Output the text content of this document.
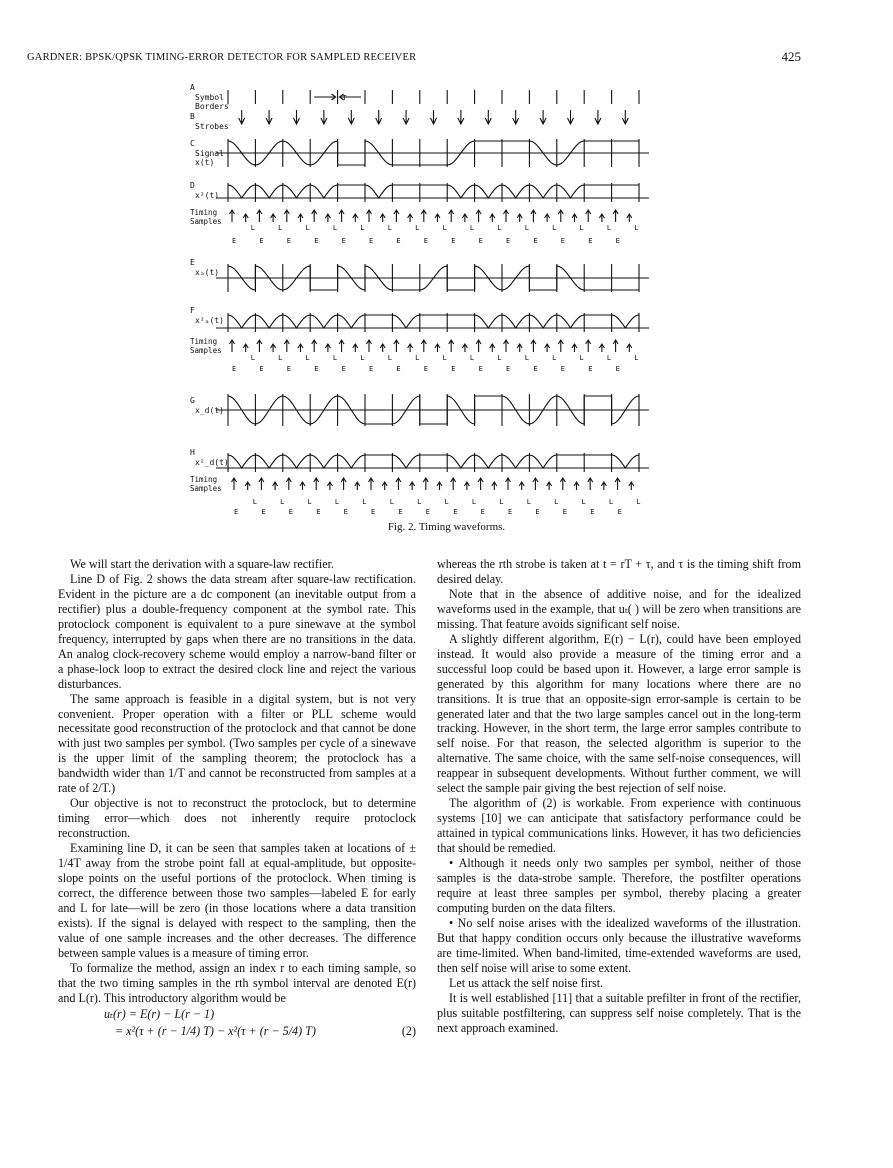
GARDNER: BPSK/QPSK TIMING-ERROR DETECTOR FOR SAMPLED RECEIVER	425
A
Symbol
Borders
B
Strobes
C
Signal
x(t)
D
x²(t)
E
xₐ(t)
F
x²ₐ(t)
G
x_d(t)
H
x²_d(t)
T
Timing
Samples
E
L
E
L
E
L
E
L
E
L
E
L
E
L
E
L
E
L
E
L
E
L
E
L
E
L
E
L
E
L
Timing
Samples
E
L
E
L
E
L
E
L
E
L
E
L
E
L
E
L
E
L
E
L
E
L
E
L
E
L
E
L
E
L
Timing
Samples
E
L
E
L
E
L
E
L
E
L
E
L
E
L
E
L
E
L
E
L
E
L
E
L
E
L
E
L
E
L
Fig. 2. Timing waveforms.

We will start the derivation with a square-law rectifier.

Line D of Fig. 2 shows the data stream after square-law rectification. Evident in the picture are a dc component (an inevitable output from a rectifier) plus a double-frequency component at the symbol rate. This protoclock component is equivalent to a pure sinewave at the symbol frequency, interrupted by gaps when there are no transitions in the data. An analog clock-recovery scheme would employ a narrow-band filter or a phase-lock loop to extract the desired clock line and reject the various disturbances.

The same approach is feasible in a digital system, but is not very convenient. Proper operation with a filter or PLL scheme would necessitate good reconstruction of the protoclock and that cannot be done with just two samples per symbol. (Two samples per cycle of a sinewave is the upper limit of the sampling theorem; the protoclock has a bandwidth wider than 1/T and cannot be reconstructed from samples at a rate of 2/T.)

Our objective is not to reconstruct the protoclock, but to determine timing error—which does not inherently require protoclock reconstruction.

Examining line D, it can be seen that samples taken at locations of ± 1/4T away from the strobe point fall at equal-amplitude, but opposite-slope points on the useful portions of the protoclock. When timing is correct, the difference between those two samples—labeled E for early and L for late—will be zero (in those locations where a data transition exists). If the signal is delayed with respect to the sampling, then the value of one sample increases and the other decreases. The difference between sample values is a measure of timing error.

To formalize the method, assign an index r to each timing sample, so that the two timing samples in the rth symbol interval are denoted E(r) and L(r). This introductory algorithm would be

uₜ(r) = E(r) − L(r − 1)
= x²(τ + (r − 1/4) T) − x²(τ + (r − 5/4) T)	(2)

whereas the rth strobe is taken at t = rT + τ, and τ is the timing shift from desired delay.

Note that in the absence of additive noise, and for the idealized waveforms used in the example, that uₜ( ) will be zero when transitions are missing. That feature avoids significant self noise.

A slightly different algorithm, E(r) − L(r), could have been employed instead. It would also provide a measure of the timing error and a successful loop could be based upon it. However, a large error sample is generated by this algorithm for many locations where there are no transitions. It is true that an opposite-sign error-sample is certain to be generated later and that the two large samples cancel out in the long-term tracking. However, in the short term, the large error samples contribute to self noise. For that reason, the selected algorithm is superior to the alternative. The same choice, with the same self-noise consequences, will reappear in subsequent developments. Without further comment, we will select the sample pair giving the best rejection of self noise.

The algorithm of (2) is workable. From experience with continuous systems [10] we can anticipate that satisfactory performance could be attained in typical communications links. However, it has two deficiencies that should be remedied.

• Although it needs only two samples per symbol, neither of those samples is the data-strobe sample. Therefore, the postfilter operations require at least three samples per symbol, thereby placing a greater computing burden on the data filters.

• No self noise arises with the idealized waveforms of the illustration. But that happy condition occurs only because the illustrative waveforms are time-limited. When band-limited, time-extended waveforms are used, then self noise will arise to some extent.

Let us attack the self noise first.

It is well established [11] that a suitable prefilter in front of the rectifier, plus suitable postfiltering, can suppress self noise completely. That is the next approach examined.
